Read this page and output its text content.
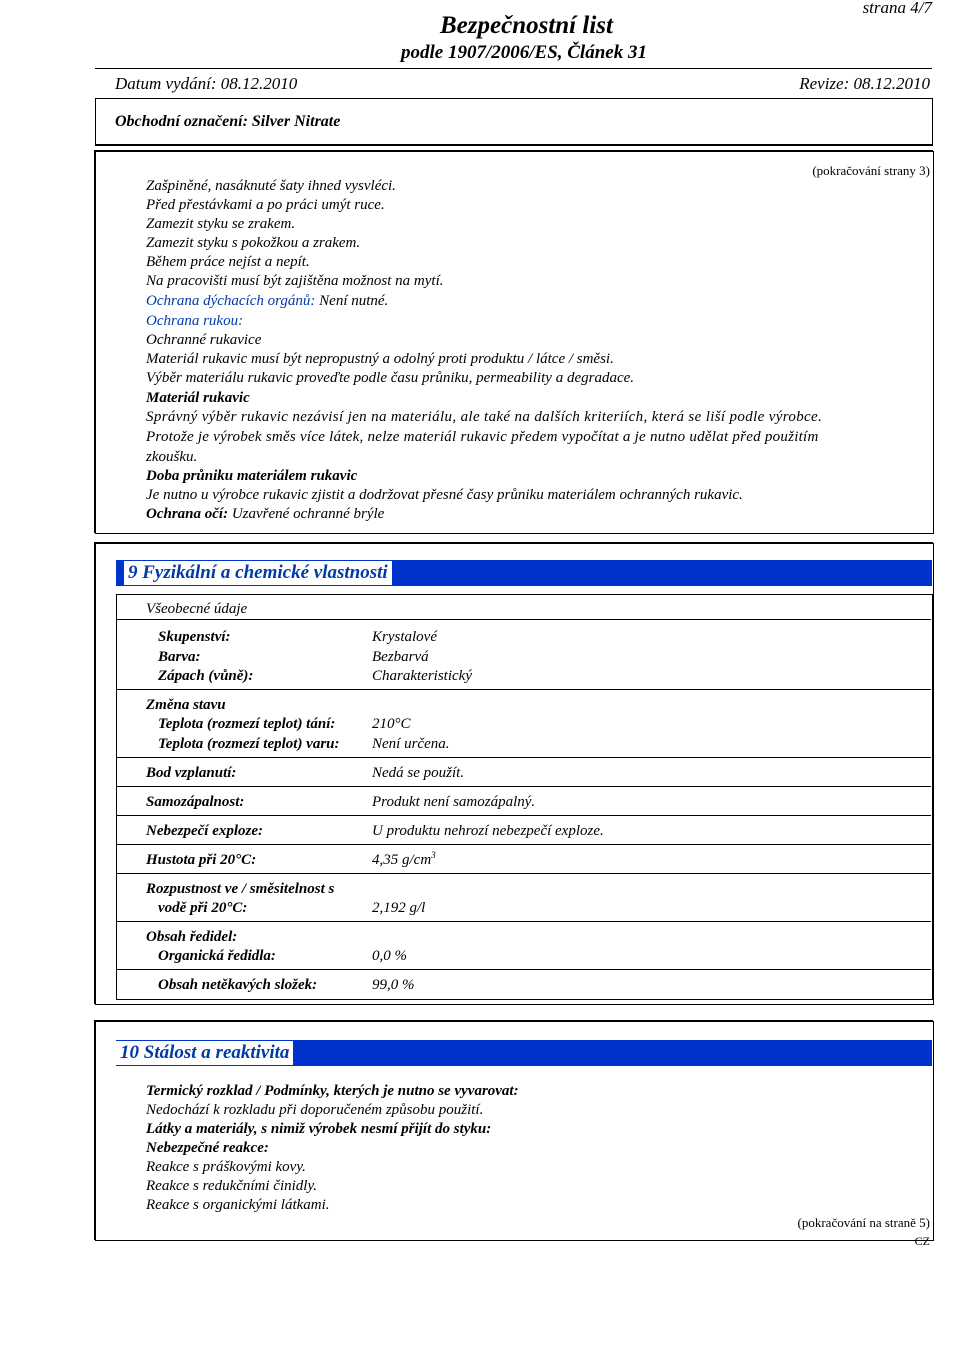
strana 4/7
Bezpečnostní list
podle 1907/2006/ES, Článek 31
Datum vydání: 08.12.2010	Revize: 08.12.2010
Obchodní označení: Silver Nitrate
(pokračování strany 3)
Zašpiněné, nasáknuté šaty ihned vysvléci.
Před přestávkami a po práci umýt ruce.
Zamezit styku se zrakem.
Zamezit styku s pokožkou a zrakem.
Během práce nejíst a nepít.
Na pracovišti musí být zajištěna možnost na mytí.
Ochrana dýchacích orgánů: Není nutné.
Ochrana rukou:
Ochranné rukavice
Materiál rukavic musí být nepropustný a odolný proti produktu / látce / směsi.
Výběr materiálu rukavic proveďte podle času průniku, permeability a degradace.
Materiál rukavic
Správný výběr rukavic nezávisí jen na materiálu, ale také na dalších kriteriích, která se liší podle výrobce.
Protože je výrobek směs více látek, nelze materiál rukavic předem vypočítat a je nutno udělat před použitím
zkoušku.
Doba průniku materiálem rukavic
Je nutno u výrobce rukavic zjistit a dodržovat přesné časy průniku materiálem ochranných rukavic.
Ochrana očí: Uzavřené ochranné brýle
9 Fyzikální a chemické vlastnosti
Všeobecné údaje
Skupenství:	Krystalové
Barva:	Bezbarvá
Zápach (vůně):	Charakteristický
Změna stavu
Teplota (rozmezí teplot) tání: 210°C
Teplota (rozmezí teplot) varu: Není určena.
Bod vzplanutí:	Nedá se použít.
Samozápalnost:	Produkt není samozápalný.
Nebezpečí exploze:	U produktu nehrozí nebezpečí exploze.
Hustota při 20°C:	4,35 $g/cm^3$
Rozpustnost ve / směsitelnost s
vodě při 20°C:	2,192 g/l
Obsah ředidel:
Organická ředidla:	0,0 %
Obsah netěkavých složek:	99,0 %
10 Stálost a reaktivita
Termický rozklad / Podmínky, kterých je nutno se vyvarovat:
Nedochází k rozkladu při doporučeném způsobu použití.
Látky a materiály, s nimiž výrobek nesmí přijít do styku:
Nebezpečné reakce:
Reakce s práškovými kovy.
Reakce s redukčními činidly.
Reakce s organickými látkami.
(pokračování na straně 5)
CZ
